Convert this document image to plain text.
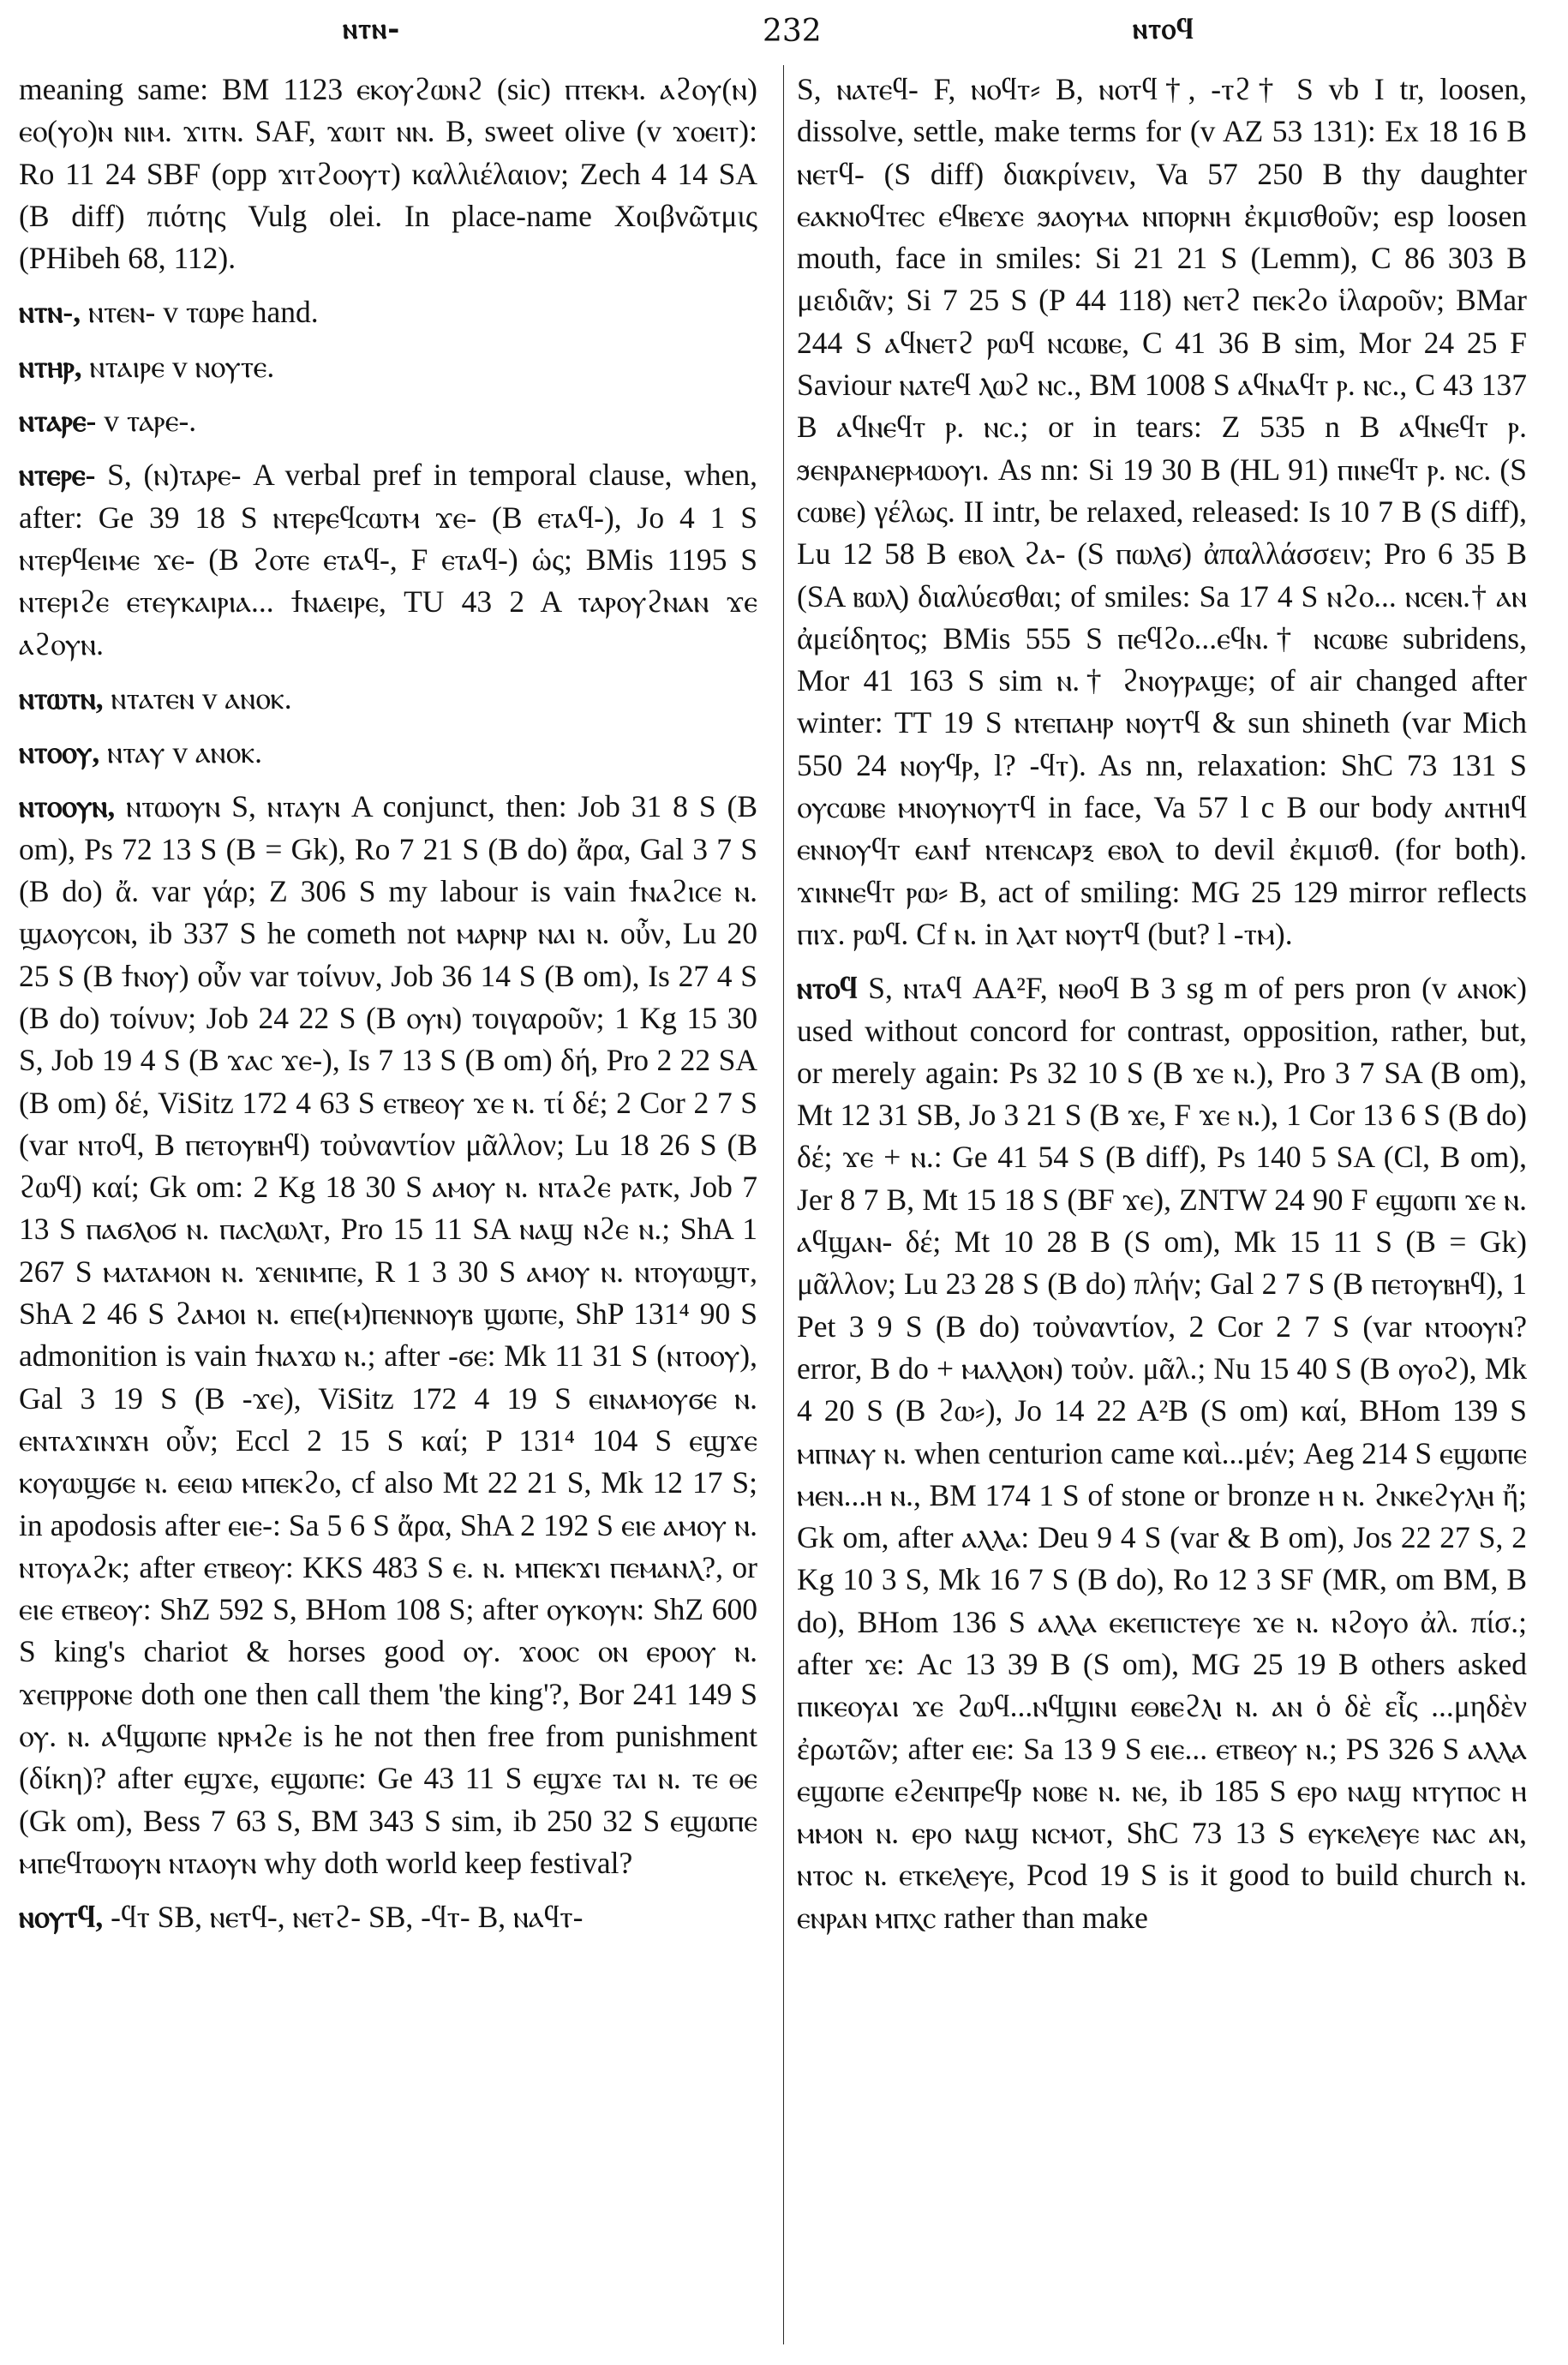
ⲛⲧⲛ-	232	ⲛⲧⲟϥ

meaning same: BM 1123 ⲉⲕⲟⲩϩⲱⲛϩ (sic) ⲡⲧⲉⲕⲙ. ⲁϩⲟⲩ(ⲛ) ⲉⲟ(ⲩⲟ)ⲛ ⲛⲓⲙ. ϫⲓⲧⲛ. SAF, ϫⲱⲓⲧ ⲛⲛ. B, sweet olive (v ϫⲟⲉⲓⲧ): Ro 11 24 SBF (opp ϫⲓⲧϩⲟⲟⲩⲧ) καλλιέλαιον; Zech 4 14 SA (B diff) πιότης Vulg olei. In place-name Χοιβνῶτμις (PHibeh 68, 112).

ⲛⲧⲛ-, ⲛⲧⲉⲛ- v ⲧⲱⲣⲉ hand.

ⲛⲧⲏⲣ, ⲛⲧⲁⲓⲣⲉ v ⲛⲟⲩⲧⲉ.

ⲛⲧⲁⲣⲉ- v ⲧⲁⲣⲉ-.

ⲛⲧⲉⲣⲉ- S, (ⲛ)ⲧⲁⲣⲉ- A verbal pref in temporal clause, when, after: Ge 39 18 S ⲛⲧⲉⲣⲉϥⲥⲱⲧⲙ ϫⲉ- (B ⲉⲧⲁϥ-), Jo 4 1 S ⲛⲧⲉⲣϥⲉⲓⲙⲉ ϫⲉ- (B ϩⲟⲧⲉ ⲉⲧⲁϥ-, F ⲉⲧⲁϥ-) ὡς; BMis 1195 S ⲛⲧⲉⲣⲓϩⲉ ⲉⲧⲉⲩⲕⲁⲓⲣⲓⲁ... ϯⲛⲁⲉⲓⲣⲉ, TU 43 2 A ⲧⲁⲣⲟⲩϩⲛⲁⲛ ϫⲉ ⲁϩⲟⲩⲛ.

ⲛⲧⲱⲧⲛ, ⲛⲧⲁⲧⲉⲛ v ⲁⲛⲟⲕ.

ⲛⲧⲟⲟⲩ, ⲛⲧⲁⲩ v ⲁⲛⲟⲕ.

ⲛⲧⲟⲟⲩⲛ, ⲛⲧⲱⲟⲩⲛ S, ⲛⲧⲁⲩⲛ A conjunct, then: Job 31 8 S (B om), Ps 72 13 S (B = Gk), Ro 7 21 S (B do) ἄρα, Gal 3 7 S (B do) ἄ. var γάρ; Z 306 S my labour is vain ϯⲛⲁϩⲓⲥⲉ ⲛ. ϣⲁⲟⲩⲥⲟⲛ, ib 337 S he cometh not ⲙⲁⲣⲛⲣ ⲛⲁⲓ ⲛ. οὖν, Lu 20 25 S (B ϯⲛⲟⲩ) οὖν var τοίνυν, Job 36 14 S (B om), Is 27 4 S (B do) τοίνυν; Job 24 22 S (B ⲟⲩⲛ) τοιγαροῦν; 1 Kg 15 30 S, Job 19 4 S (B ϫⲁⲥ ϫⲉ-), Is 7 13 S (B om) δή, Pro 2 22 SA (B om) δέ, ViSitz 172 4 63 S ⲉⲧⲃⲉⲟⲩ ϫⲉ ⲛ. τί δέ; 2 Cor 2 7 S (var ⲛⲧⲟϥ, B ⲡⲉⲧⲟⲩⲃⲏϥ) τοὐναντίον μᾶλλον; Lu 18 26 S (B ϩⲱϥ) καί; Gk om: 2 Kg 18 30 S ⲁⲙⲟⲩ ⲛ. ⲛⲧⲁϩⲉ ⲣⲁⲧⲕ, Job 7 13 S ⲡⲁϭⲗⲟϭ ⲛ. ⲡⲁⲥⲗⲱⲗⲧ, Pro 15 11 SA ⲛⲁϣ ⲛϩⲉ ⲛ.; ShA 1 267 S ⲙⲁⲧⲁⲙⲟⲛ ⲛ. ϫⲉⲛⲓⲙⲡⲉ, R 1 3 30 S ⲁⲙⲟⲩ ⲛ. ⲛⲧⲟⲩⲱϣⲧ, ShA 2 46 S ϩⲁⲙⲟⲓ ⲛ. ⲉⲡⲉ(ⲙ)ⲡⲉⲛⲛⲟⲩⲃ ϣⲱⲡⲉ, ShP 131⁴ 90 S admonition is vain ϯⲛⲁϫⲱ ⲛ.; after -ϭⲉ: Mk 11 31 S (ⲛⲧⲟⲟⲩ), Gal 3 19 S (B -ϫⲉ), ViSitz 172 4 19 S ⲉⲓⲛⲁⲙⲟⲩϭⲉ ⲛ. ⲉⲛⲧⲁϫⲓⲛϫⲏ οὖν; Eccl 2 15 S καί; P 131⁴ 104 S ⲉϣϫⲉ ⲕⲟⲩⲱϣϭⲉ ⲛ. ⲉⲉⲓⲱ ⲙⲡⲉⲕϩⲟ, cf also Mt 22 21 S, Mk 12 17 S; in apodosis after ⲉⲓⲉ-: Sa 5 6 S ἄρα, ShA 2 192 S ⲉⲓⲉ ⲁⲙⲟⲩ ⲛ. ⲛⲧⲟⲩⲁϩⲕ; after ⲉⲧⲃⲉⲟⲩ: KKS 483 S ⲉ. ⲛ. ⲙⲡⲉⲕϫⲓ ⲡⲉⲙⲁⲛⲗ?, or ⲉⲓⲉ ⲉⲧⲃⲉⲟⲩ: ShZ 592 S, BHom 108 S; after ⲟⲩⲕⲟⲩⲛ: ShZ 600 S king's chariot & horses good ⲟⲩ. ϫⲟⲟⲥ ⲟⲛ ⲉⲣⲟⲟⲩ ⲛ. ϫⲉⲡⲣⲣⲟⲛⲉ doth one then call them 'the king'?, Bor 241 149 S ⲟⲩ. ⲛ. ⲁϥϣⲱⲡⲉ ⲛⲣⲙϩⲉ is he not then free from punishment (δίκη)? after ⲉϣϫⲉ, ⲉϣⲱⲡⲉ: Ge 43 11 S ⲉϣϫⲉ ⲧⲁⲓ ⲛ. ⲧⲉ ⲑⲉ (Gk om), Bess 7 63 S, BM 343 S sim, ib 250 32 S ⲉϣⲱⲡⲉ ⲙⲡⲉϥⲧⲱⲟⲩⲛ ⲛⲧⲁⲟⲩⲛ why doth world keep festival?

ⲛⲟⲩⲧϥ, -ϥⲧ SB, ⲛⲉⲧϥ-, ⲛⲉⲧϩ- SB, -ϥⲧ- B, ⲛⲁϥⲧ-

S, ⲛⲁⲧⲉϥ- F, ⲛⲟϥⲧ⸗ B, ⲛⲟⲧϥ†, -ⲧϩ† S vb I tr, loosen, dissolve, settle, make terms for (v AZ 53 131): Ex 18 16 B ⲛⲉⲧϥ- (S diff) διακρίνειν, Va 57 250 B thy daughter ⲉⲁⲕⲛⲟϥⲧⲉⲥ ⲉϥⲃⲉϫⲉ ϧⲁⲟⲩⲙⲁ ⲛⲡⲟⲣⲛⲏ ἐκμισθοῦν; esp loosen mouth, face in smiles: Si 21 21 S (Lemm), C 86 303 B μειδιᾶν; Si 7 25 S (P 44 118) ⲛⲉⲧϩ ⲡⲉⲕϩⲟ ἱλαροῦν; BMar 244 S ⲁϥⲛⲉⲧϩ ⲣⲱϥ ⲛⲥⲱⲃⲉ, C 41 36 B sim, Mor 24 25 F Saviour ⲛⲁⲧⲉϥ ⲗⲱϩ ⲛⲥ., BM 1008 S ⲁϥⲛⲁϥⲧ ⲣ. ⲛⲥ., C 43 137 B ⲁϥⲛⲉϥⲧ ⲣ. ⲛⲥ.; or in tears: Z 535 n B ⲁϥⲛⲉϥⲧ ⲣ. ϧⲉⲛⲣⲁⲛⲉⲣⲙⲱⲟⲩⲓ. As nn: Si 19 30 B (HL 91) ⲡⲓⲛⲉϥⲧ ⲣ. ⲛⲥ. (S ⲥⲱⲃⲉ) γέλως. II intr, be relaxed, released: Is 10 7 B (S diff), Lu 12 58 B ⲉⲃⲟⲗ ϩⲁ- (S ⲡⲱⲗϭ) ἀπαλλάσσειν; Pro 6 35 B (SA ⲃⲱⲗ) διαλύεσθαι; of smiles: Sa 17 4 S ⲛϩⲟ... ⲛⲥⲉⲛ.† ⲁⲛ ἀμείδητος; BMis 555 S ⲡⲉϥϩⲟ...ⲉϥⲛ.† ⲛⲥⲱⲃⲉ subridens, Mor 41 163 S sim ⲛ.† ϩⲛⲟⲩⲣⲁϣⲉ; of air changed after winter: TT 19 S ⲛⲧⲉⲡⲁⲏⲣ ⲛⲟⲩⲧϥ & sun shineth (var Mich 550 24 ⲛⲟⲩϥⲣ, l? -ϥⲧ). As nn, relaxation: ShC 73 131 S ⲟⲩⲥⲱⲃⲉ ⲙⲛⲟⲩⲛⲟⲩⲧϥ in face, Va 57 l c B our body ⲁⲛⲧⲏⲓϥ ⲉⲛⲛⲟⲩϥⲧ ⲉⲁⲛϯ ⲛⲧⲉⲛⲥⲁⲣⲝ ⲉⲃⲟⲗ to devil ἐκμισθ. (for both). ϫⲓⲛⲛⲉϥⲧ ⲣⲱ⸗ B, act of smiling: MG 25 129 mirror reflects ⲡⲓϫ. ⲣⲱϥ. Cf ⲛ. in ⲗⲁⲧ ⲛⲟⲩⲧϥ (but? l -ⲧⲙ).

ⲛⲧⲟϥ S, ⲛⲧⲁϥ AA²F, ⲛⲑⲟϥ B 3 sg m of pers pron (v ⲁⲛⲟⲕ) used without concord for contrast, opposition, rather, but, or merely again: Ps 32 10 S (B ϫⲉ ⲛ.), Pro 3 7 SA (B om), Mt 12 31 SB, Jo 3 21 S (B ϫⲉ, F ϫⲉ ⲛ.), 1 Cor 13 6 S (B do) δέ; ϫⲉ + ⲛ.: Ge 41 54 S (B diff), Ps 140 5 SA (Cl, B om), Jer 8 7 B, Mt 15 18 S (BF ϫⲉ), ZNTW 24 90 F ⲉϣⲱⲡⲓ ϫⲉ ⲛ. ⲁϥϣⲁⲛ- δέ; Mt 10 28 B (S om), Mk 15 11 S (B = Gk) μᾶλλον; Lu 23 28 S (B do) πλήν; Gal 2 7 S (B ⲡⲉⲧⲟⲩⲃⲏϥ), 1 Pet 3 9 S (B do) τοὐναντίον, 2 Cor 2 7 S (var ⲛⲧⲟⲟⲩⲛ? error, B do + ⲙⲁⲗⲗⲟⲛ) τοὐν. μᾶλ.; Nu 15 40 S (B ⲟⲩⲟϩ), Mk 4 20 S (B ϩⲱ⸗), Jo 14 22 A²B (S om) καί, BHom 139 S ⲙⲡⲛⲁⲩ ⲛ. when centurion came καὶ...μέν; Aeg 214 S ⲉϣⲱⲡⲉ ⲙⲉⲛ...ⲏ ⲛ., BM 174 1 S of stone or bronze ⲏ ⲛ. ϩⲛⲕⲉϩⲩⲗⲏ ἤ; Gk om, after ⲁⲗⲗⲁ: Deu 9 4 S (var & B om), Jos 22 27 S, 2 Kg 10 3 S, Mk 16 7 S (B do), Ro 12 3 SF (MR, om BM, B do), BHom 136 S ⲁⲗⲗⲁ ⲉⲕⲉⲡⲓⲥⲧⲉⲩⲉ ϫⲉ ⲛ. ⲛϩⲟⲩⲟ ἀλ. πίσ.; after ϫⲉ: Ac 13 39 B (S om), MG 25 19 B others asked ⲡⲓⲕⲉⲟⲩⲁⲓ ϫⲉ ϩⲱϥ...ⲛϥϣⲓⲛⲓ ⲉⲑⲃⲉϩⲗⲓ ⲛ. ⲁⲛ ὁ δὲ εἷς ...μηδὲν ἐρωτῶν; after ⲉⲓⲉ: Sa 13 9 S ⲉⲓⲉ... ⲉⲧⲃⲉⲟⲩ ⲛ.; PS 326 S ⲁⲗⲗⲁ ⲉϣⲱⲡⲉ ⲉϩⲉⲛⲡⲣⲉϥⲣ ⲛⲟⲃⲉ ⲛ. ⲛⲉ, ib 185 S ⲉⲣⲟ ⲛⲁϣ ⲛⲧⲩⲡⲟⲥ ⲏ ⲙⲙⲟⲛ ⲛ. ⲉⲣⲟ ⲛⲁϣ ⲛⲥⲙⲟⲧ, ShC 73 13 S ⲉⲩⲕⲉⲗⲉⲩⲉ ⲛⲁⲥ ⲁⲛ, ⲛⲧⲟⲥ ⲛ. ⲉⲧⲕⲉⲗⲉⲩⲉ, Pcod 19 S is it good to build church ⲛ. ⲉⲛⲣⲁⲛ ⲙⲡⲭⲥ rather than make
